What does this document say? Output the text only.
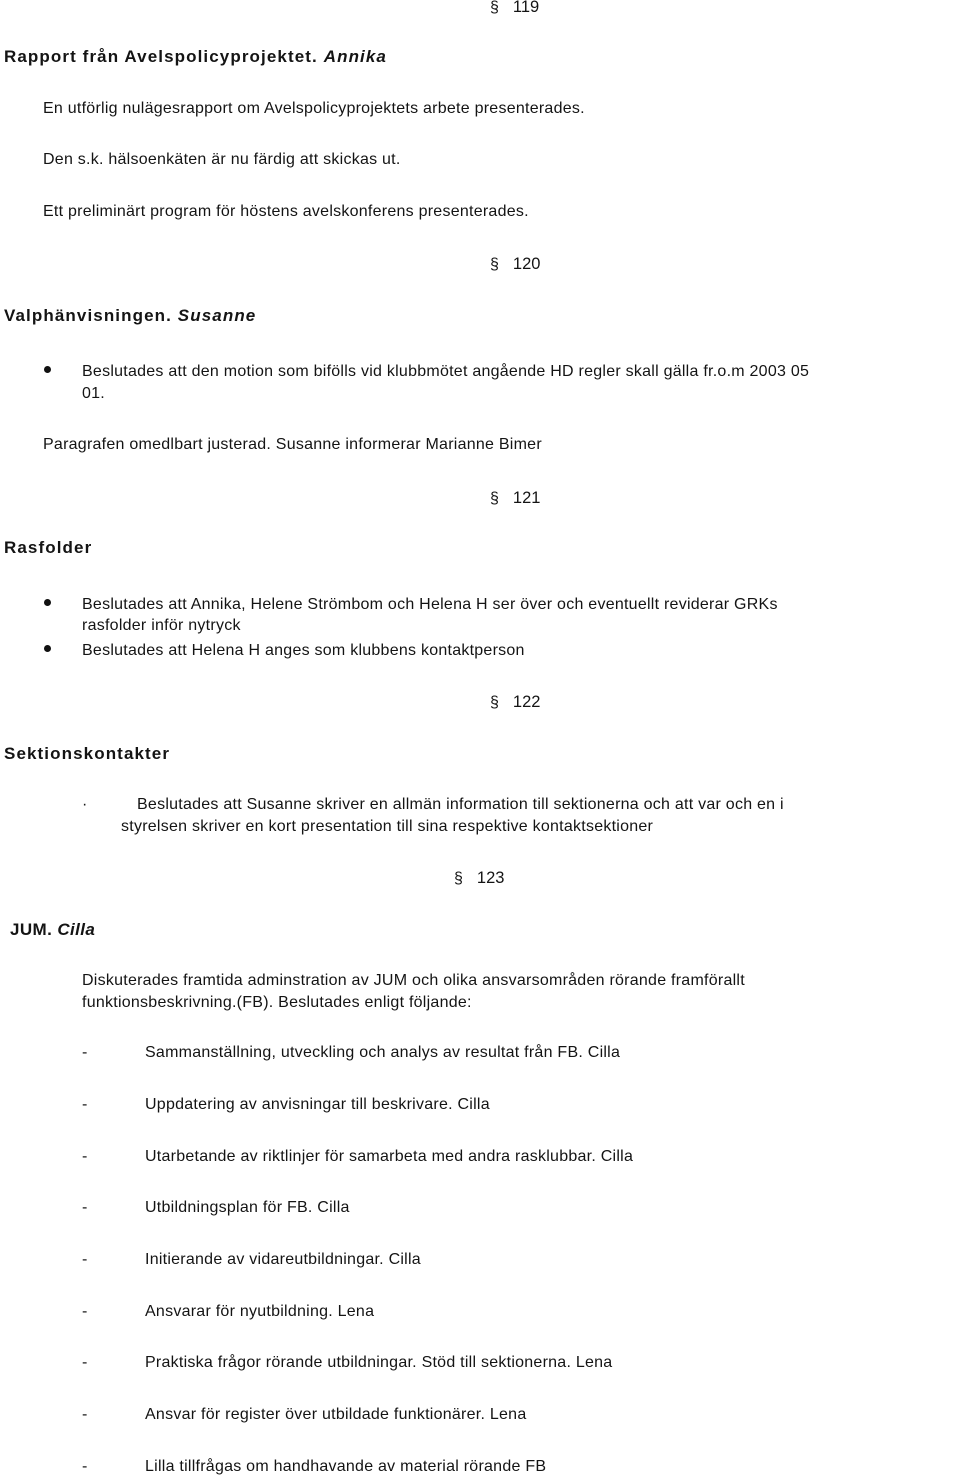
§ 119
Rapport från Avelspolicyprojektet. Annika
En utförlig nulägesrapport om Avelspolicyprojektets arbete presenterades.
Den s.k. hälsoenkäten är nu färdig att skickas ut.
Ett preliminärt program för höstens avelskonferens presenterades.
§ 120
Valphänvisningen. Susanne
Beslutades att den motion som bifölls vid klubbmötet angående HD regler skall gälla fr.o.m 2003 05
01.
Paragrafen omedlbart justerad. Susanne informerar Marianne Bimer
§ 121
Rasfolder
Beslutades att Annika, Helene Strömbom och Helena H ser över och eventuellt reviderar GRKs
rasfolder inför nytryck
Beslutades att Helena H anges som klubbens kontaktperson
§ 122
Sektionskontakter
·	Beslutades att Susanne skriver en allmän information till sektionerna och att var och en i
styrelsen skriver en kort presentation till sina respektive kontaktsektioner
§ 123
JUM. Cilla
Diskuterades framtida adminstration av JUM och olika ansvarsområden rörande framförallt
funktionsbeskrivning.(FB). Beslutades enligt följande:
-	Sammanställning, utveckling och analys av resultat från FB. Cilla
-	Uppdatering av anvisningar till beskrivare. Cilla
-	Utarbetande av riktlinjer för samarbeta med andra rasklubbar. Cilla
-	Utbildningsplan för FB. Cilla
-	Initierande av vidareutbildningar. Cilla
-	Ansvarar för nyutbildning. Lena
-	Praktiska frågor rörande utbildningar. Stöd till sektionerna. Lena
-	Ansvar för register över utbildade funktionärer. Lena
-	Lilla tillfrågas om handhavande av material rörande FB
